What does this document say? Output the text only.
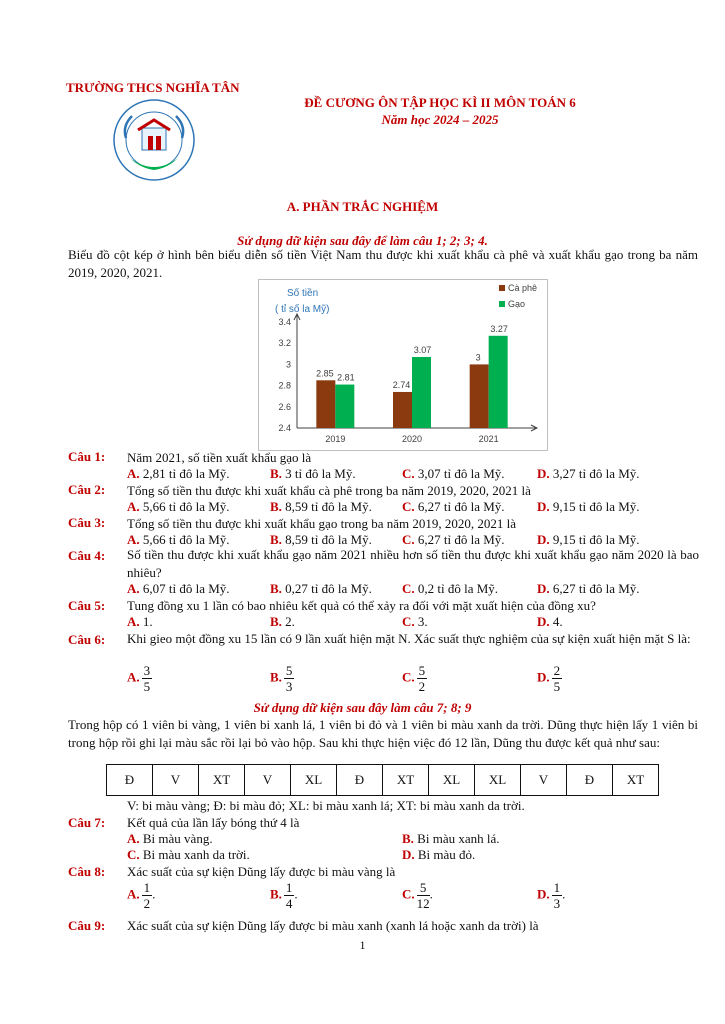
TRƯỜNG THCS NGHĨA TÂN
ĐỀ CƯƠNG ÔN TẬP HỌC KÌ II MÔN TOÁN 6
Năm học 2024 – 2025
A. PHẦN TRẮC NGHIỆM
Sử dụng dữ kiện sau đây để làm câu 1; 2; 3; 4.
Biểu đồ cột kép ở hình bên biểu diễn số tiền Việt Nam thu được khi xuất khẩu cà phê và xuất khẩu gạo trong ba năm 2019, 2020, 2021.
Số tiền
( tỉ số la Mỹ)
2.4
2.6
2.8
3
3.2
3.4
2.85 2.81
2019
2.74
3.07
2020
3
3.27
2021
Cà phê
Gạo
Câu 1: Năm 2021, số tiền xuất khẩu gạo là
A. 2,81 tỉ đô la Mỹ.	B. 3 tỉ đô la Mỹ.	C. 3,07 tỉ đô la Mỹ. D. 3,27 tỉ đô la Mỹ.
Câu 2: Tổng số tiền thu được khi xuất khẩu cà phê trong ba năm 2019, 2020, 2021 là
A. 5,66 tỉ đô la Mỹ.	B. 8,59 tỉ đô la Mỹ. C. 6,27 tỉ đô la Mỹ. D. 9,15 tỉ đô la Mỹ.
Câu 3: Tổng số tiền thu được khi xuất khẩu gạo trong ba năm 2019, 2020, 2021 là
A. 5,66 tỉ đô la Mỹ.	B. 8,59 tỉ đô la Mỹ. C. 6,27 tỉ đô la Mỹ. D. 9,15 tỉ đô la Mỹ.
Câu 4: Số tiền thu được khi xuất khẩu gạo năm 2021 nhiều hơn số tiền thu được khi xuất khẩu gạo năm 2020 là bao nhiêu?
A. 6,07 tỉ đô la Mỹ.	B. 0,27 tỉ đô la Mỹ. C. 0,2 tỉ đô la Mỹ.	D. 6,27 tỉ đô la Mỹ.
Câu 5: Tung đồng xu 1 lần có bao nhiêu kết quả có thể xảy ra đối với mặt xuất hiện của đồng xu?
A. 1.	B. 2.	C. 3.	D. 4.
Câu 6: Khi gieo một đồng xu 15 lần có 9 lần xuất hiện mặt N. Xác suất thực nghiệm của sự kiện xuất hiện mặt S là:
A. $\frac{3}{5}$	B. $\frac{5}{3}$	C. $\frac{5}{2}$	D. $\frac{2}{5}$
Sử dụng dữ kiện sau đây làm câu 7; 8; 9
Trong hộp có 1 viên bi vàng, 1 viên bi xanh lá, 1 viên bi đỏ và 1 viên bi màu xanh da trời. Dũng thực hiện lấy 1 viên bi trong hộp rồi ghi lại màu sắc rồi lại bỏ vào hộp. Sau khi thực hiện việc đó 12 lần, Dũng thu được kết quả như sau:
Đ	V	XT	V	XL	Đ	XT	XL	XL	V	Đ	XT
V: bi màu vàng; Đ: bi màu đỏ; XL: bi màu xanh lá; XT: bi màu xanh da trời.
Câu 7: Kết quả của lần lấy bóng thứ 4 là
A. Bi màu vàng.	B. Bi màu xanh lá.
C. Bi màu xanh da trời.	D. Bi màu đỏ.
Câu 8: Xác suất của sự kiện Dũng lấy được bi màu vàng là
A. $\frac{1}{2}$ .	B. $\frac{1}{4}$ .	C. $\frac{5}{12}$ .	D. $\frac{1}{3}$ .
Câu 9: Xác suất của sự kiện Dũng lấy được bi màu xanh (xanh lá hoặc xanh da trời) là
1
